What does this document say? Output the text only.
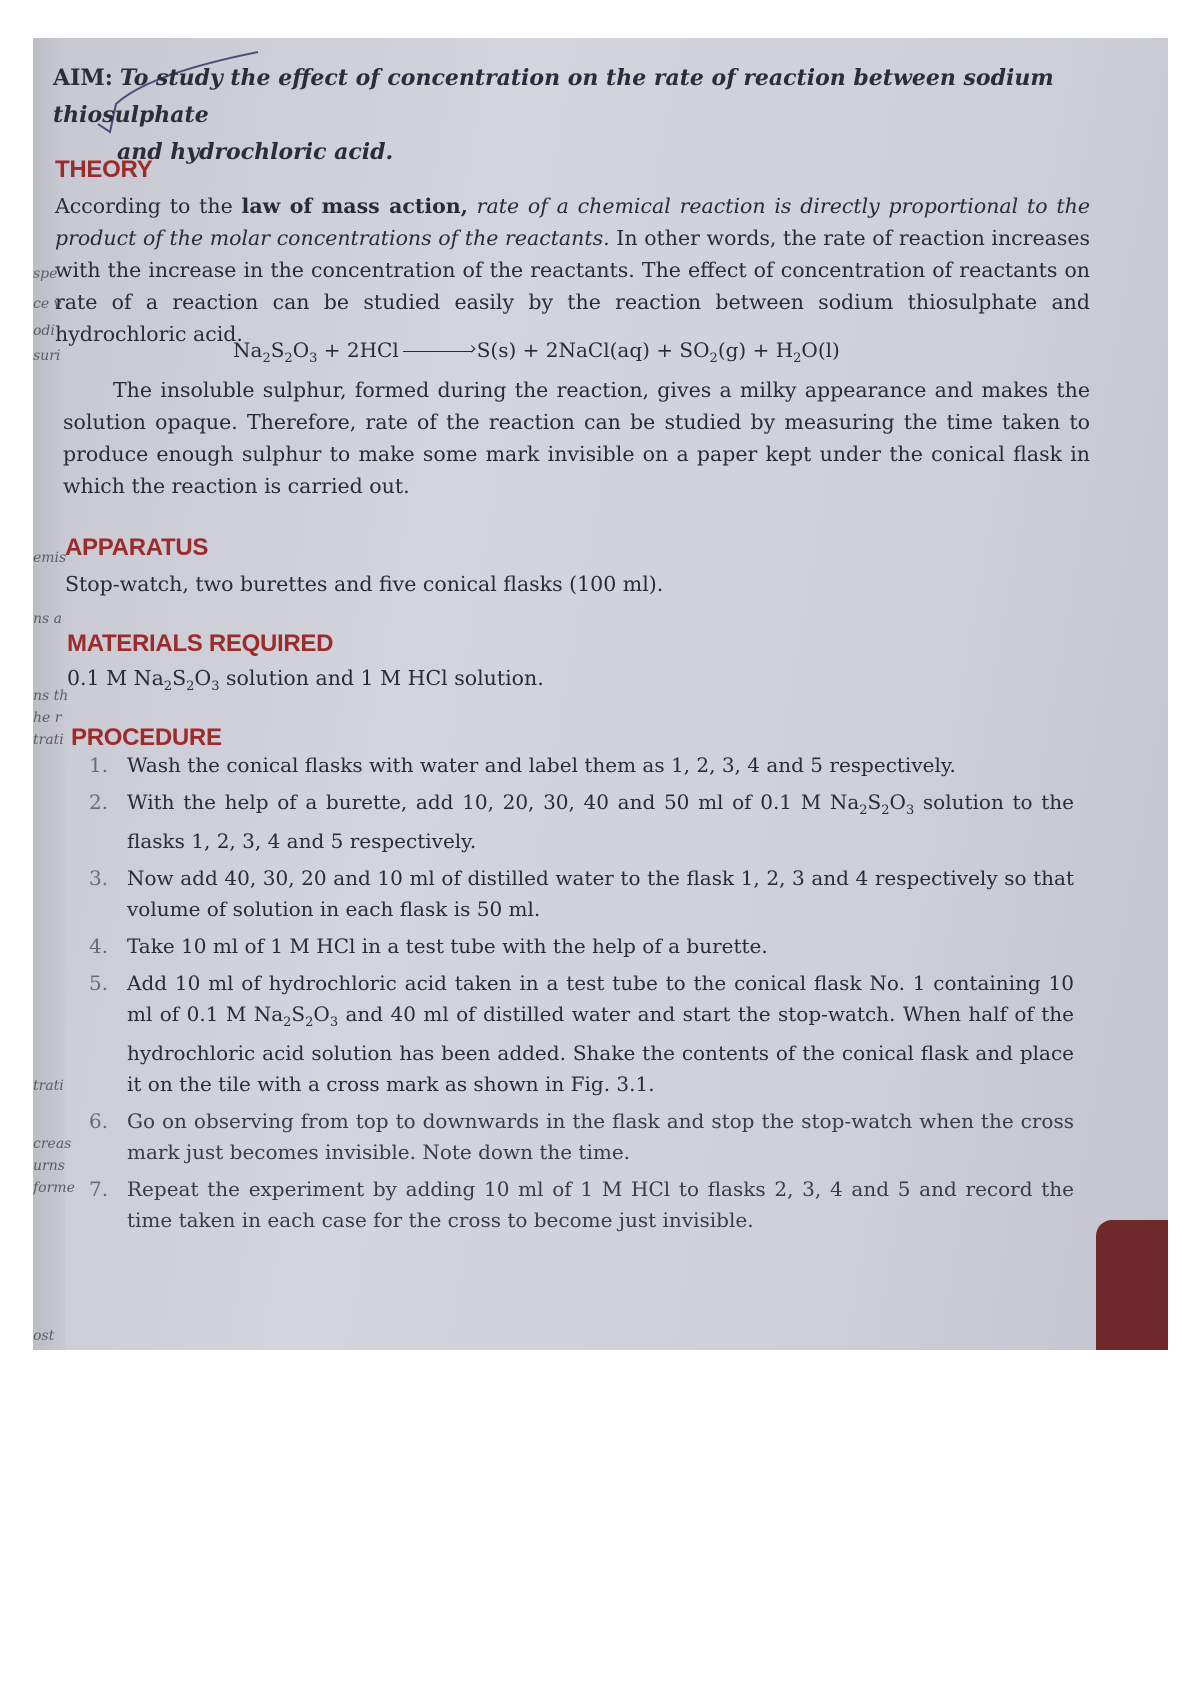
spe
ce v
odi
suri
emis
ns a
ns th
he r
trati
trati
creas
urns
forme
ost
AIM: To study the effect of concentration on the rate of reaction between sodium thiosulphate
and hydrochloric acid.
THEORY
According to the law of mass action, rate of a chemical reaction is directly proportional to the product of the molar concentrations of the reactants. In other words, the rate of reaction increases with the increase in the concentration of the reactants. The effect of concentration of reactants on rate of a reaction can be studied easily by the reaction between sodium thiosulphate and hydrochloric acid.
$Na_2S_2O_3 + 2HCl$ ›	S(s) + 2NaCl(aq) + $SO_2(g) + H_2O(l)$
The insoluble sulphur, formed during the reaction, gives a milky appearance and makes the solution opaque. Therefore, rate of the reaction can be studied by measuring the time taken to produce enough sulphur to make some mark invisible on a paper kept under the conical flask in which the reaction is carried out.
APPARATUS
Stop-watch, two burettes and five conical flasks (100 ml).
MATERIALS REQUIRED
0.1 M $Na_2S_2O_3$ solution and 1 M HCl solution.
PROCEDURE
1. Wash the conical flasks with water and label them as 1, 2, 3, 4 and 5 respectively.
2. With the help of a burette, add 10, 20, 30, 40 and 50 ml of 0.1 M $Na_2S_2O_3$ solution to the flasks 1, 2, 3, 4 and 5 respectively.
3. Now add 40, 30, 20 and 10 ml of distilled water to the flask 1, 2, 3 and 4 respectively so that volume of solution in each flask is 50 ml.
4. Take 10 ml of 1 M HCl in a test tube with the help of a burette.
5. Add 10 ml of hydrochloric acid taken in a test tube to the conical flask No. 1 containing 10 ml of 0.1 M $Na_2S_2O_3$ and 40 ml of distilled water and start the stop-watch. When half of the hydrochloric acid solution has been added. Shake the contents of the conical flask and place it on the tile with a cross mark as shown in Fig. 3.1.
6. Go on observing from top to downwards in the flask and stop the stop-watch when the cross mark just becomes invisible. Note down the time.
7. Repeat the experiment by adding 10 ml of 1 M HCl to flasks 2, 3, 4 and 5 and record the time taken in each case for the cross to become just invisible.
